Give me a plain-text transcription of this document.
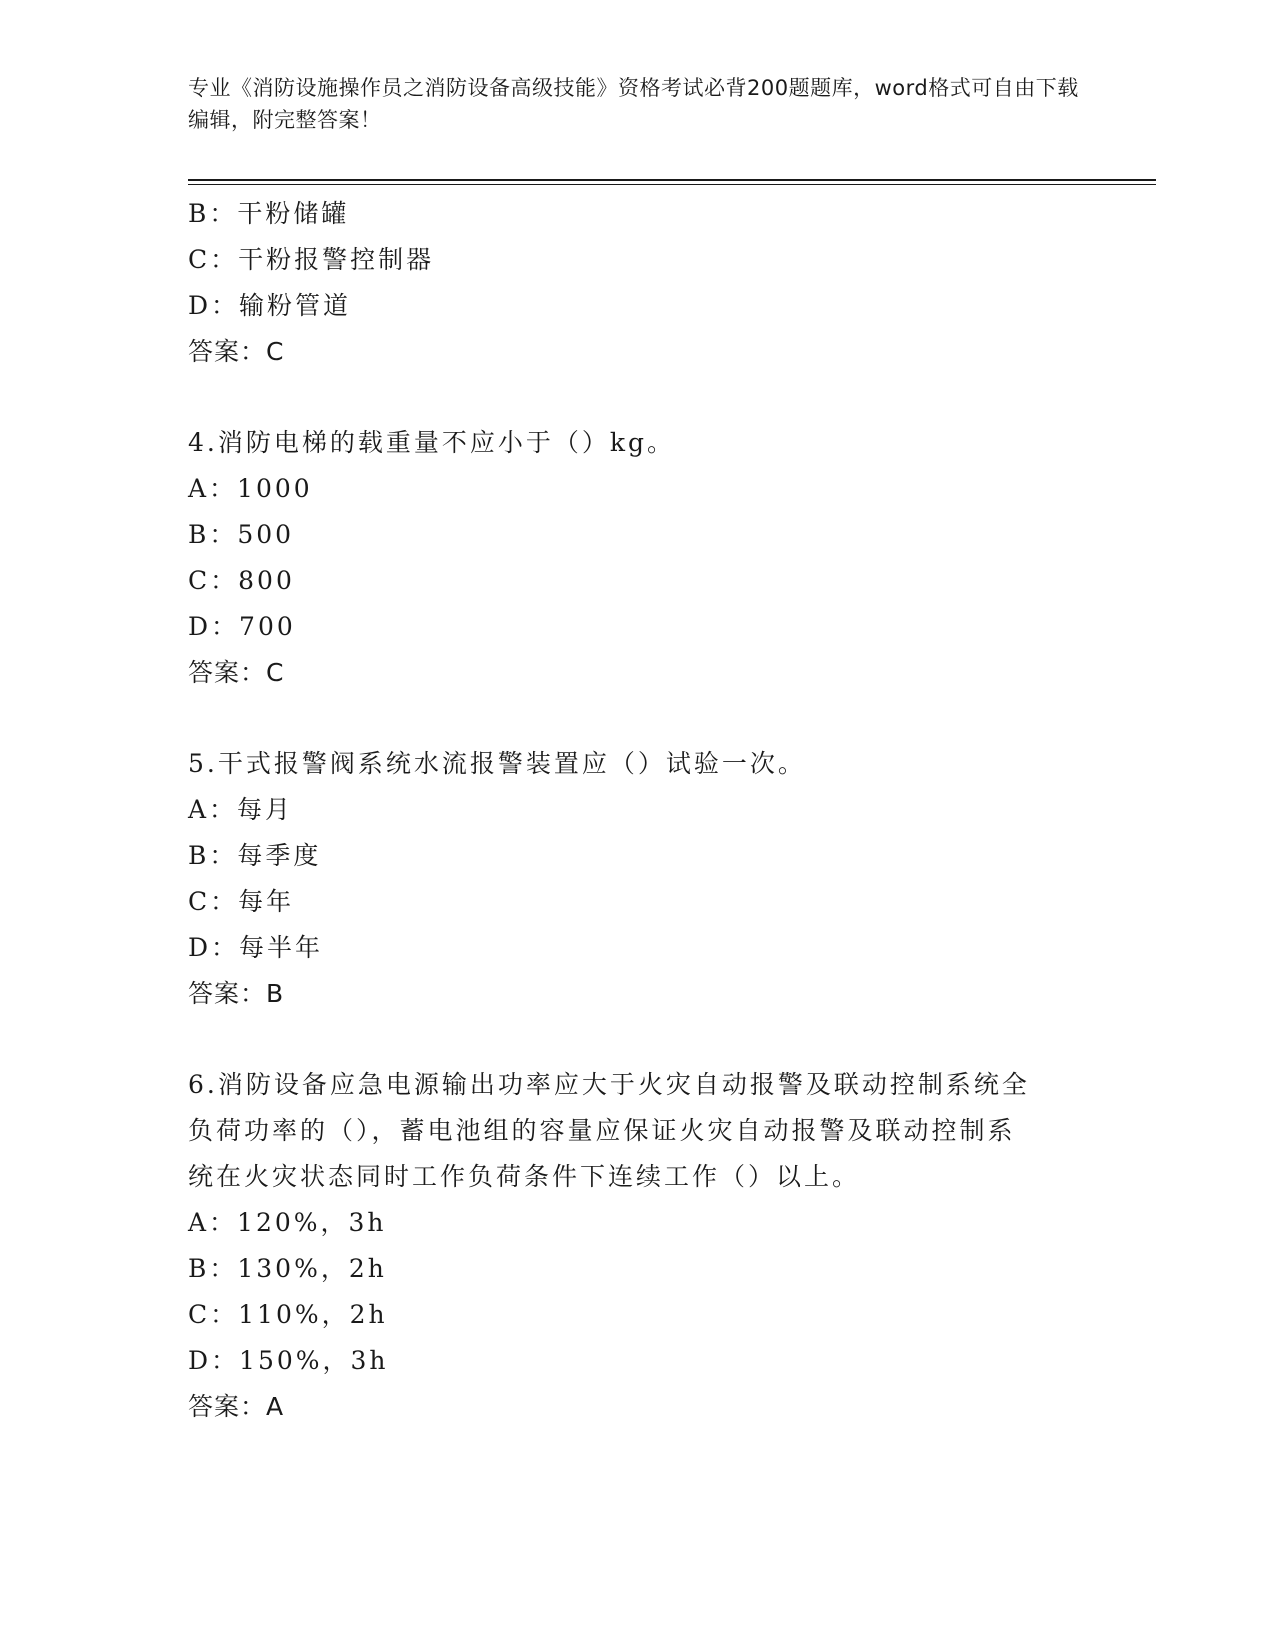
专业《消防设施操作员之消防设备高级技能》资格考试必背200题题库，word格式可自由下载编辑，附完整答案！
B：干粉储罐
C：干粉报警控制器
D：输粉管道
答案：C
4.消防电梯的载重量不应小于（）kg。
A：1000
B：500
C：800
D：700
答案：C
5.干式报警阀系统水流报警装置应（）试验一次。
A：每月
B：每季度
C：每年
D：每半年
答案：B
6.消防设备应急电源输出功率应大于火灾自动报警及联动控制系统全
负荷功率的（），蓄电池组的容量应保证火灾自动报警及联动控制系
统在火灾状态同时工作负荷条件下连续工作（）以上。
A：120%，3h
B：130%，2h
C：110%，2h
D：150%，3h
答案：A
